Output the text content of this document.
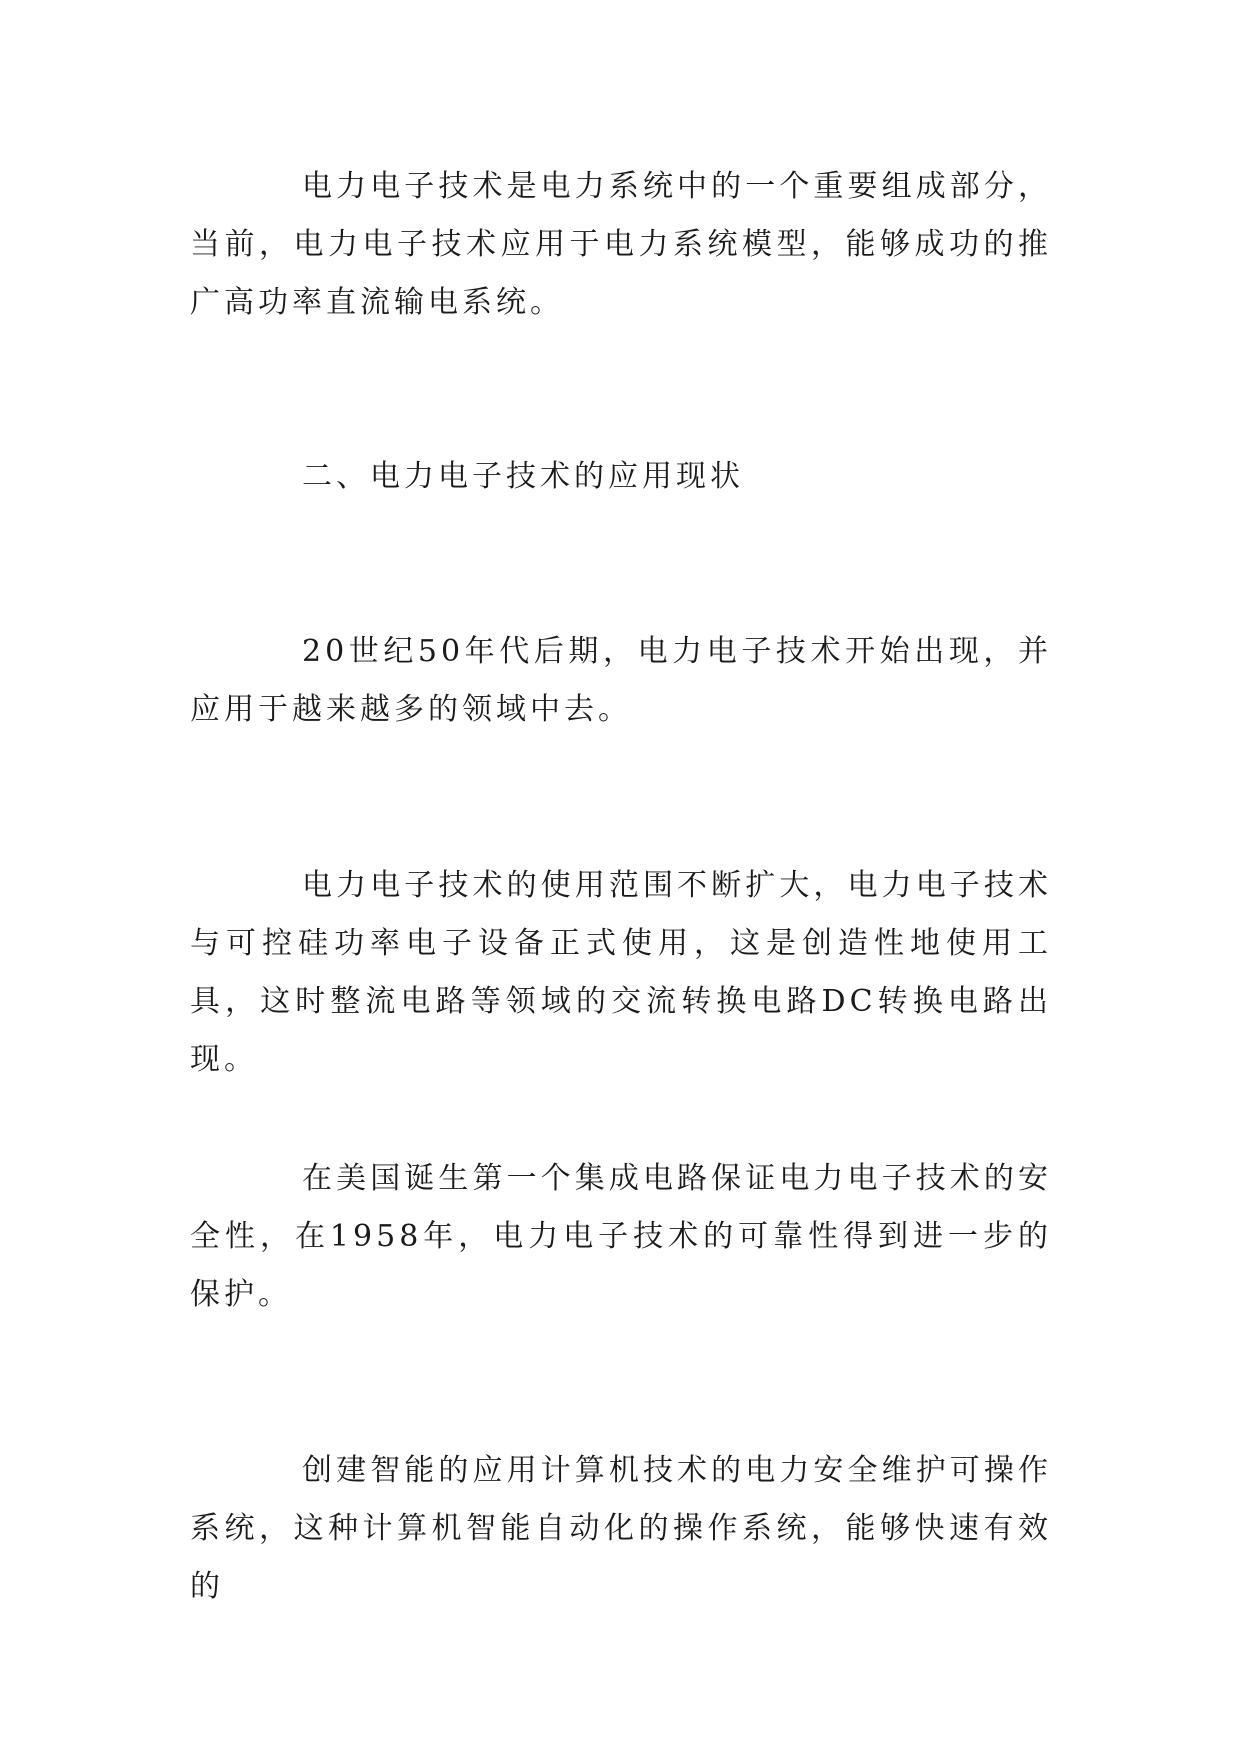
电力电子技术是电力系统中的一个重要组成部分，当前，电力电子技术应用于电力系统模型，能够成功的推广高功率直流输电系统。

二、电力电子技术的应用现状

20世纪50年代后期，电力电子技术开始出现，并应用于越来越多的领域中去。

电力电子技术的使用范围不断扩大，电力电子技术与可控硅功率电子设备正式使用，这是创造性地使用工具，这时整流电路等领域的交流转换电路DC转换电路出现。

在美国诞生第一个集成电路保证电力电子技术的安全性，在1958年，电力电子技术的可靠性得到进一步的保护。

创建智能的应用计算机技术的电力安全维护可操作系统，这种计算机智能自动化的操作系统，能够快速有效的
